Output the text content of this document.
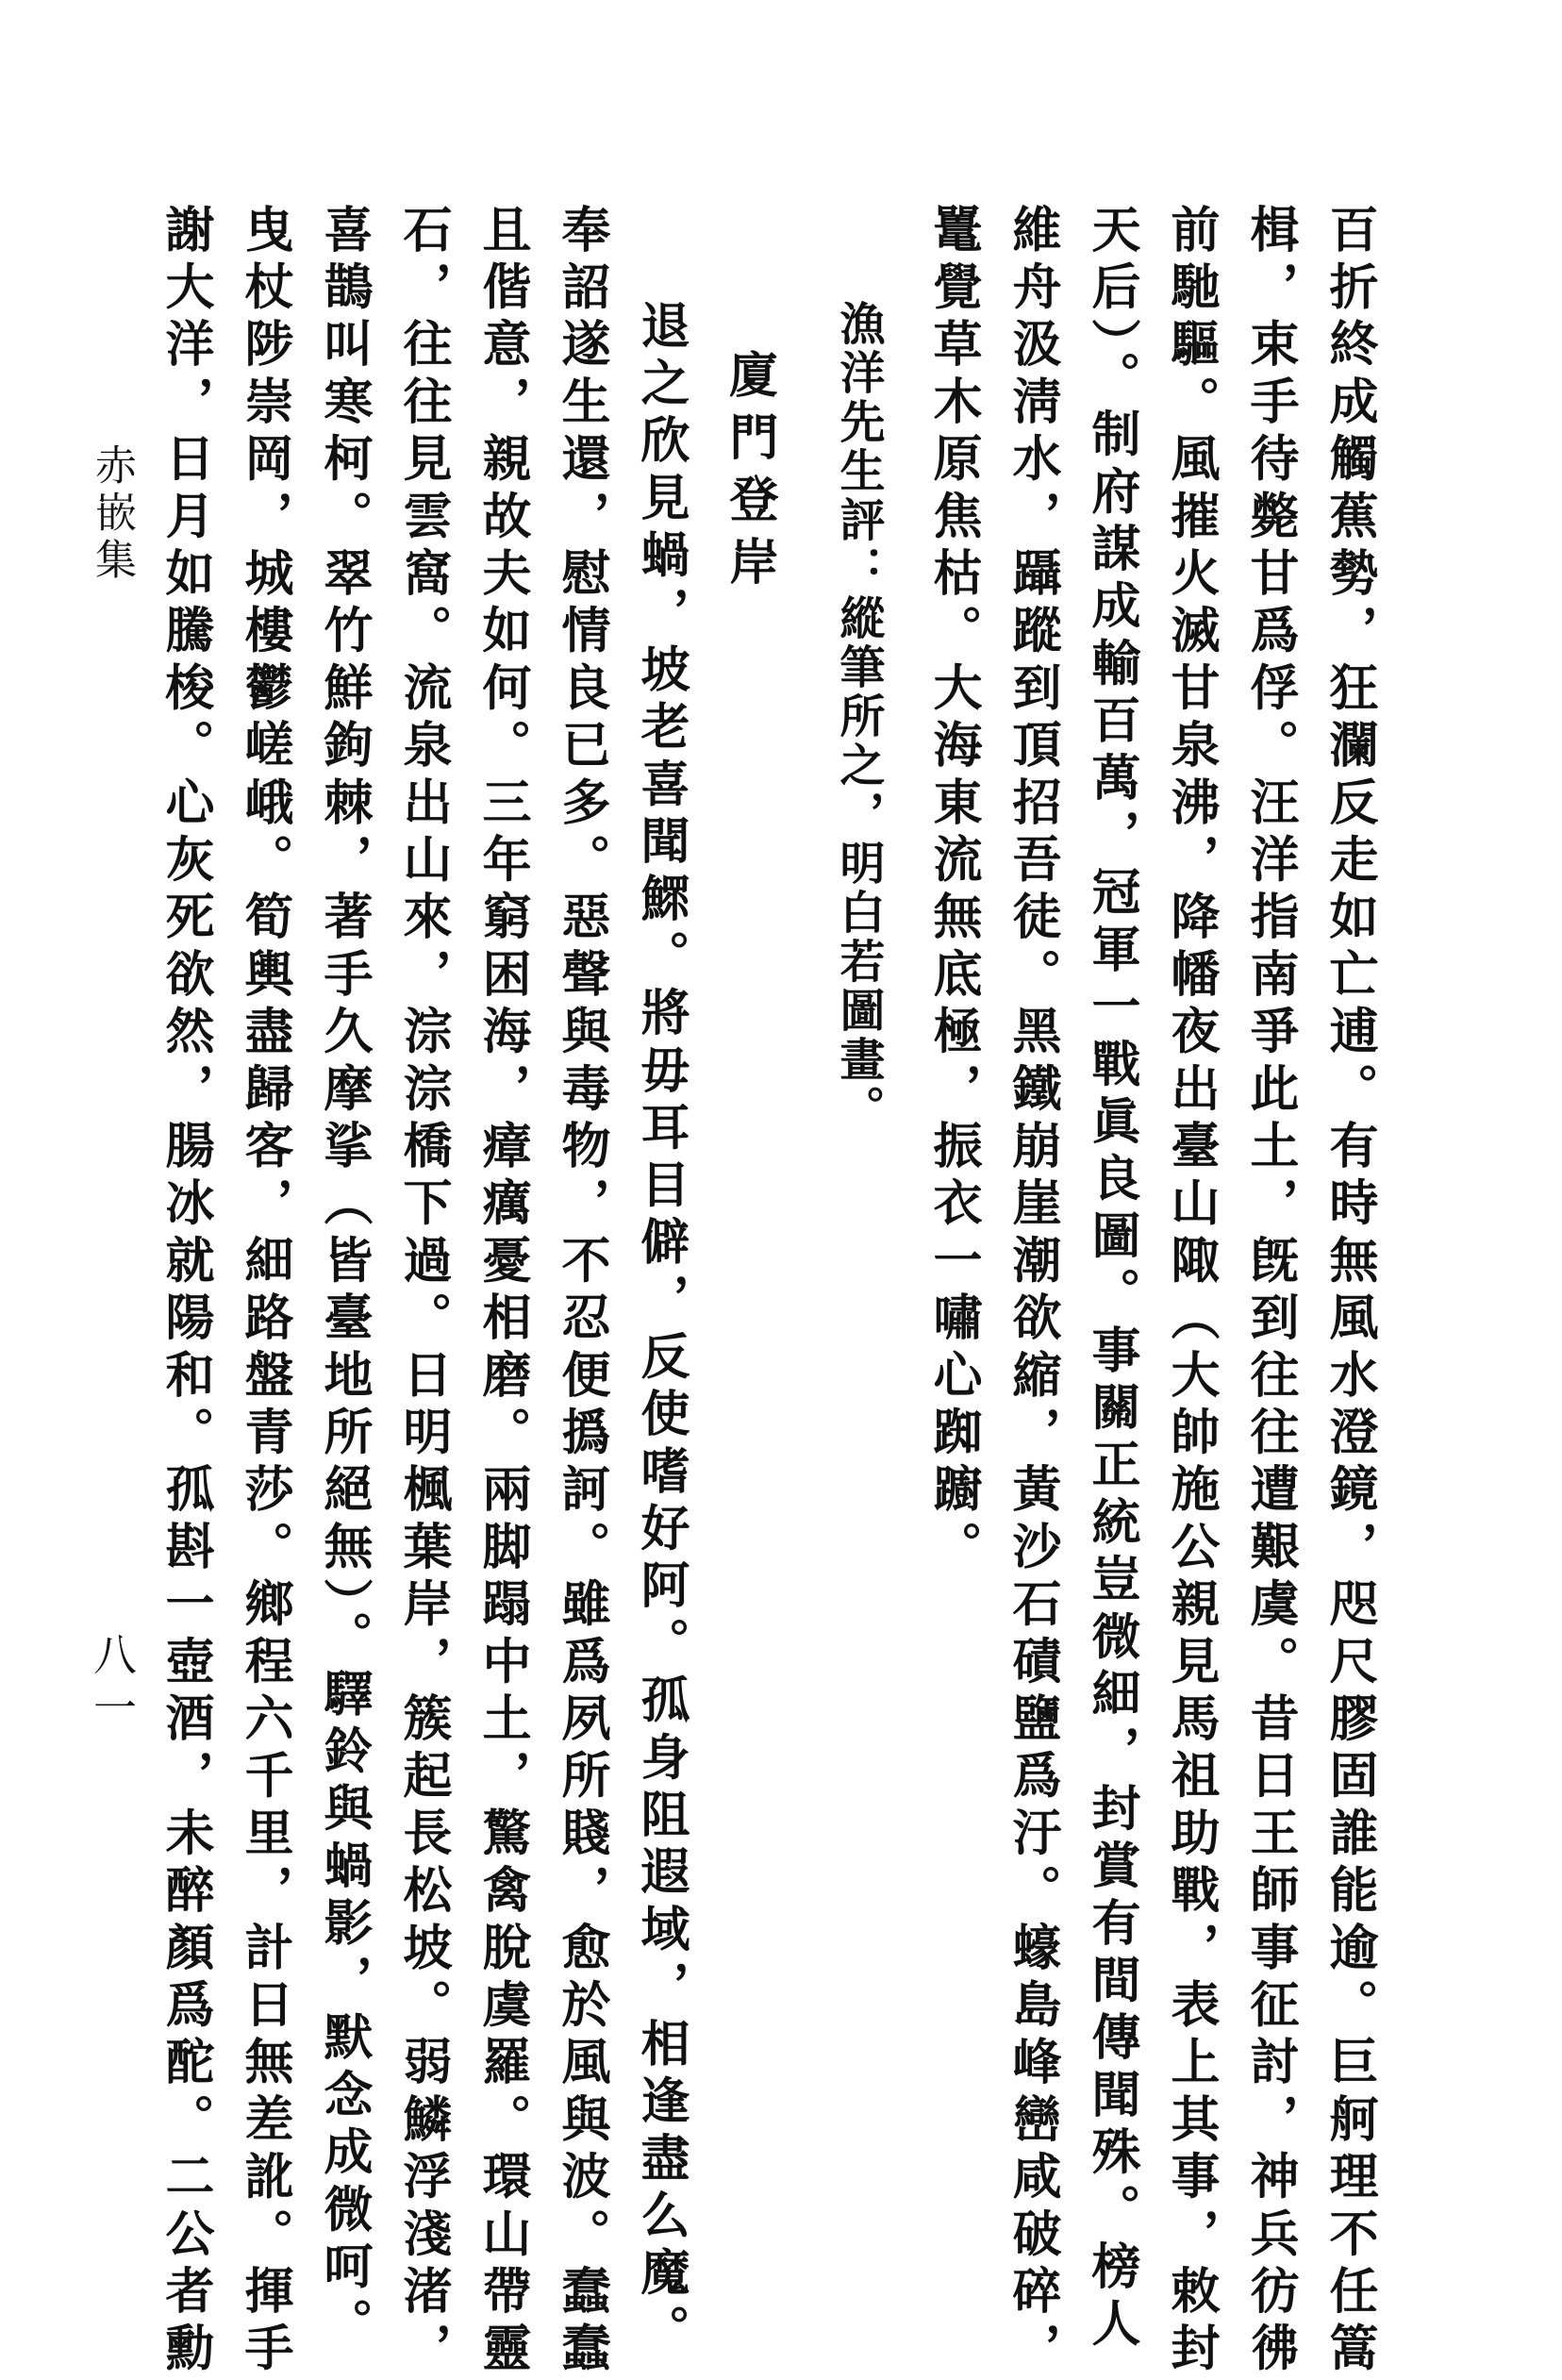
百折終成觸蕉勢，狂瀾反走如亡逋。有時無風水澄鏡，咫尺膠固誰能逾。巨舸理不任篙

楫，束手待斃甘爲俘。汪洋指南爭此土，旣到往往遭艱虞。昔日王師事征討，神兵彷彿

前馳驅。風摧火滅甘泉沸，降幡夜出臺山陬（大帥施公親見馬祖助戰，表上其事，敕封

天后）。制府謀成輸百萬，冠軍一戰眞良圖。事關正統豈微細，封賞有間傳聞殊。榜人

維舟汲淸水，躡蹤到頂招吾徒。黑鐵崩崖潮欲縮，黃沙石磧鹽爲汙。蠔島峰巒咸破碎，

鼍覺草木原焦枯。大海東流無底極，振衣一嘯心踟躕。

漁洋先生評：縱筆所之，明白若圖畫。

廈門登岸

退之欣見蝸，坡老喜聞鰥。將毋耳目僻，反使嗜好阿。孤身阻遐域，相逢盡么魔。

奉詔遂生還，慰情良已多。惡聲與毒物，不忍便撝訶。雖爲夙所賤，愈於風與波。蠢蠢

且偕意，親故夫如何。三年窮困海，瘴癘憂相磨。兩脚蹋中土，驚禽脫虞羅。環山帶靈

石，往往見雲窩。流泉出山來，淙淙橋下過。日明楓葉岸，簇起長松坡。弱鱗浮淺渚，

喜鵲叫寒柯。翠竹鮮鉤棘，著手久摩挲（皆臺地所絕無）。驛鈴與蝸影，默念成微呵。

曳杖陟崇岡，城樓鬱嵯峨。筍輿盡歸客，細路盤青莎。鄉程六千里，計日無差訛。揮手

謝大洋，日月如騰梭。心灰死欲然，腸冰就陽和。孤斟一壺酒，未醉顏爲酡。二公者勳

赤嵌集
八一
